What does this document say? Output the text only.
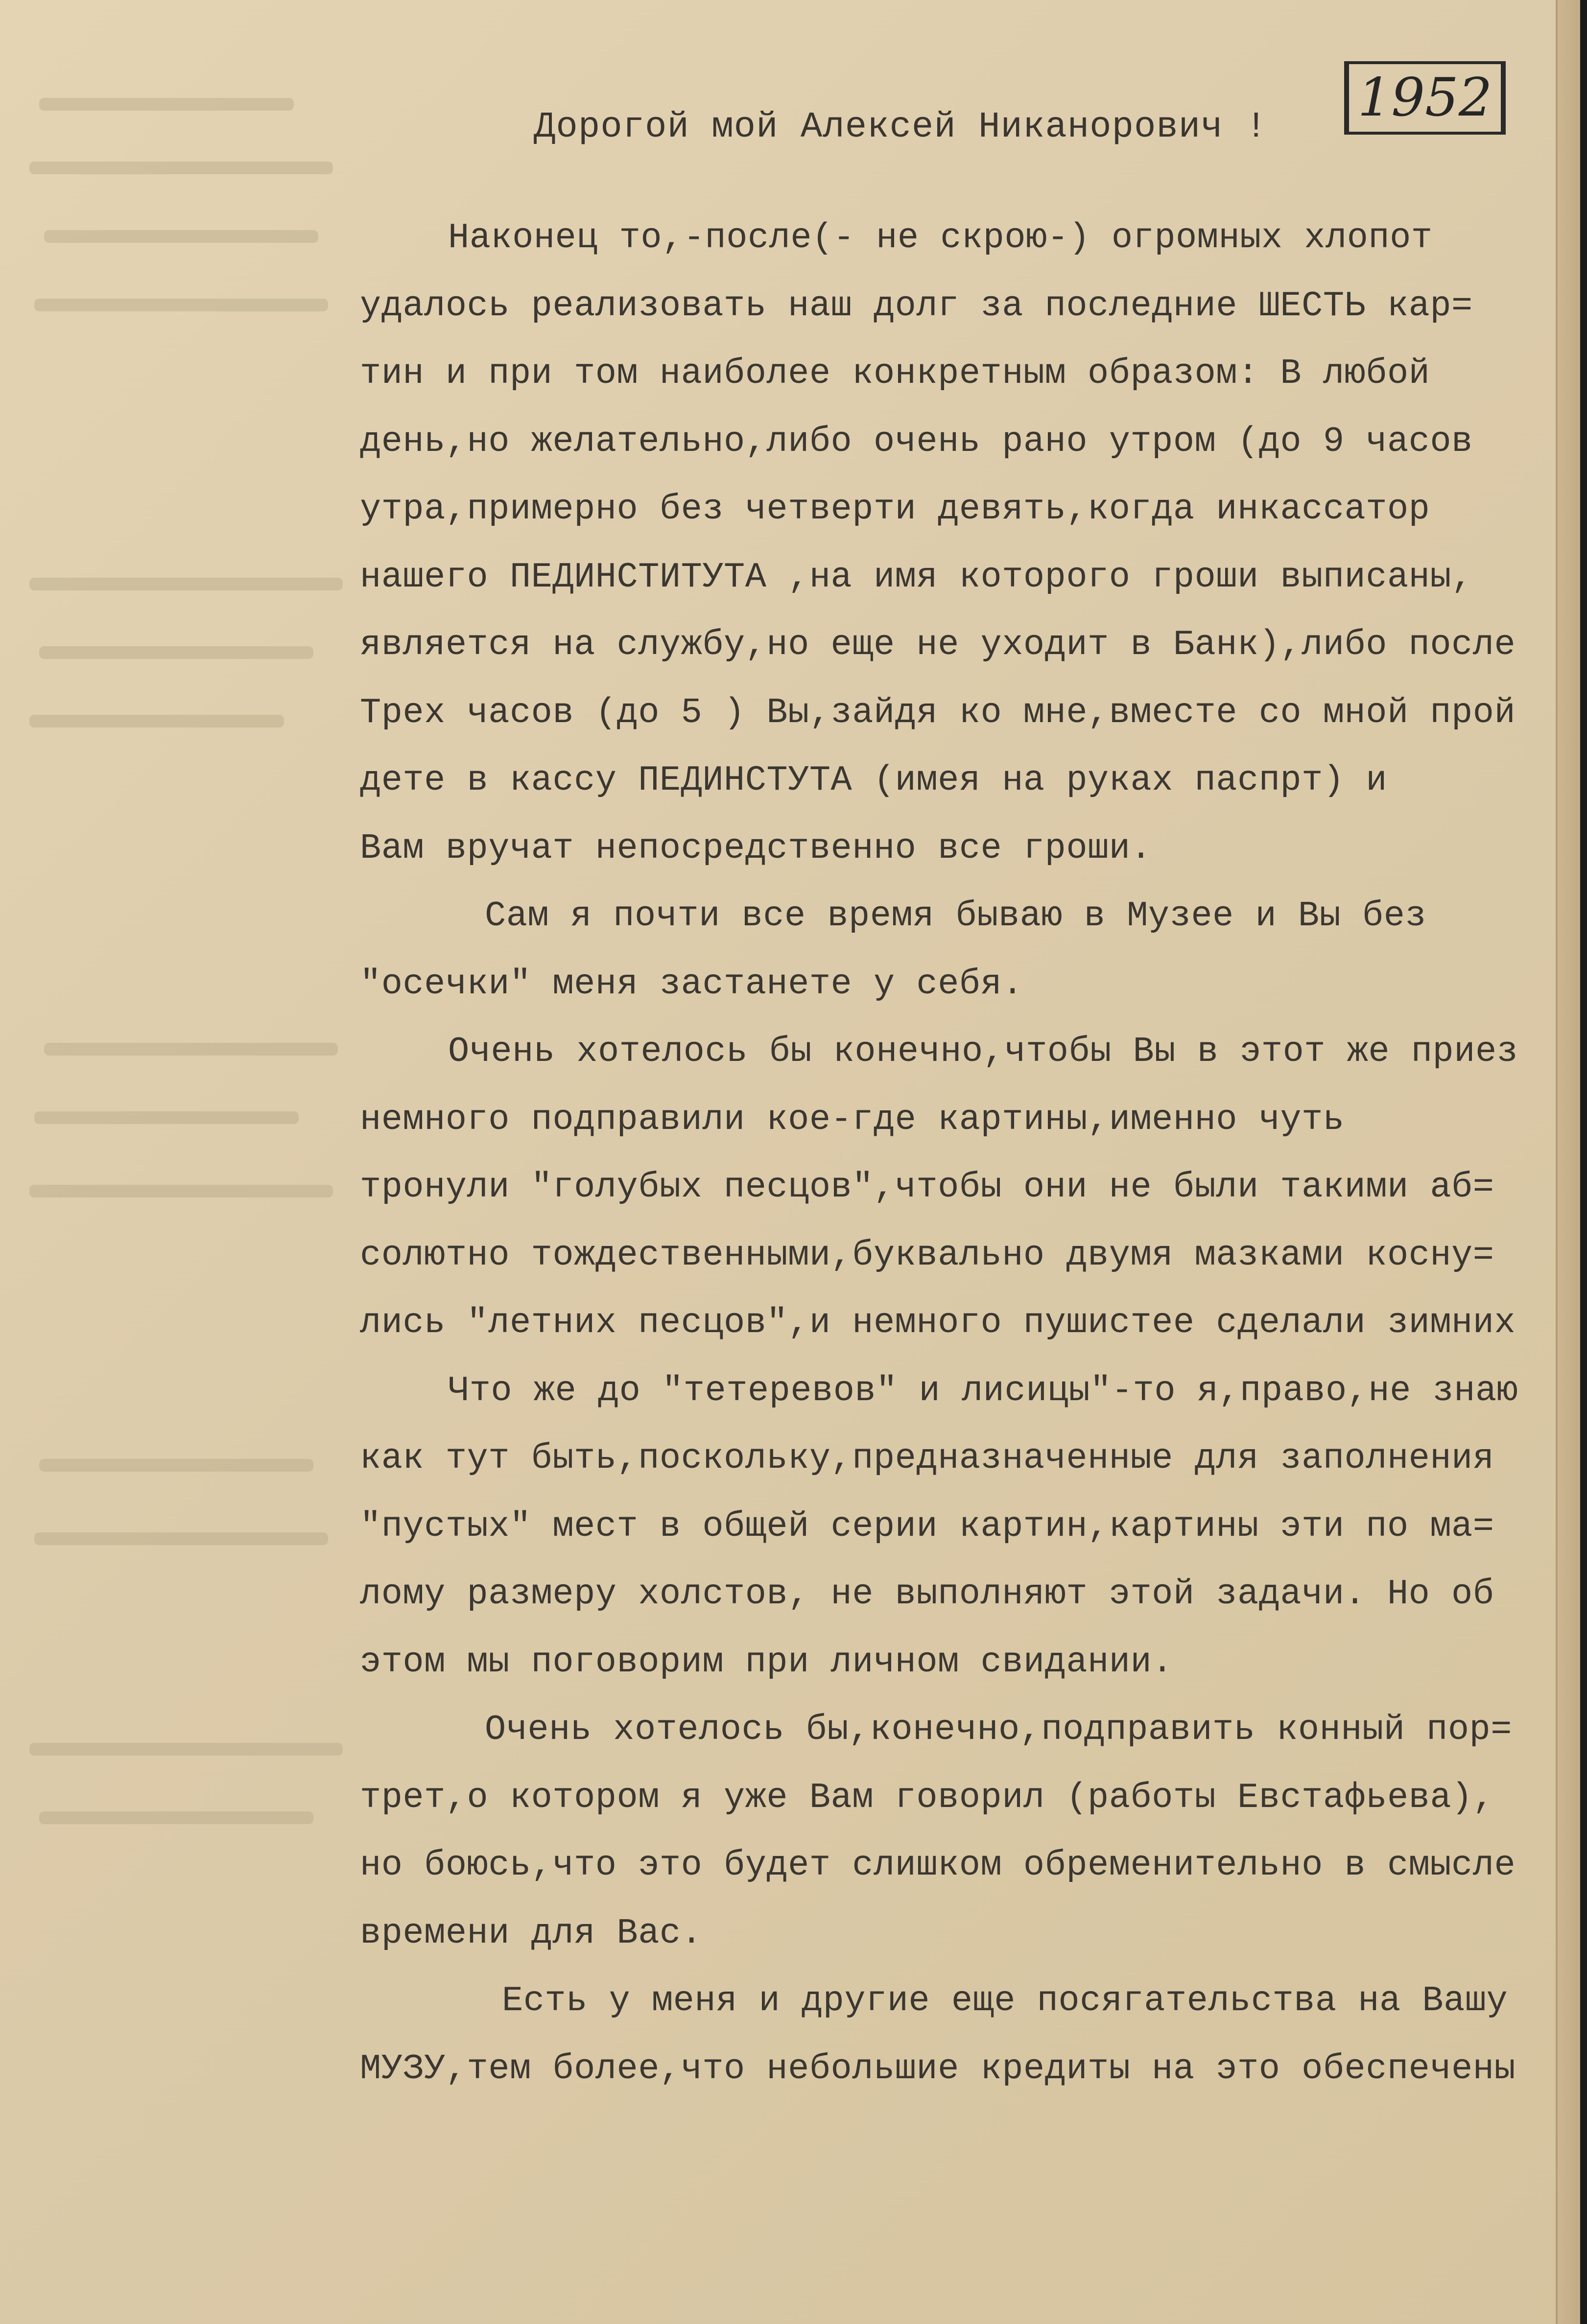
1952
Дорогой мой Алексей Никанорович !
Наконец то,-после(- не скрою-) огромных хлопот
удалось реализовать наш долг за последние ШЕСТЬ кар=
тин и при том наиболее конкретным образом: В любой
день,но желательно,либо очень рано утром (до 9 часов
утра,примерно без четверти девять,когда инкассатор
нашего ПЕДИНСТИТУТА ,на имя которого гроши выписаны,
является на службу,но еще не уходит в Банк),либо после
Трех часов (до 5 ) Вы,зайдя ко мне,вместе со мной прой
дете в кассу ПЕДИНСТУТА (имея на руках паспрт) и
Вам вручат непосредственно все гроши.
Сам я почти все время бываю в Музее и Вы без
"осечки" меня застанете у себя.
Очень хотелось бы конечно,чтобы Вы в этот же приез
немного подправили кое-где картины,именно чуть
тронули "голубых песцов",чтобы они не были такими аб=
солютно тождественными,буквально двумя мазками косну=
лись "летних песцов",и немного пушистее сделали зимних
Что же до "тетеревов" и лисицы"-то я,право,не знаю
как тут быть,поскольку,предназначенные для заполнения
"пустых" мест в общей серии картин,картины эти по ма=
лому размеру холстов, не выполняют этой задачи. Но об
этом мы поговорим при личном свидании.
Очень хотелось бы,конечно,подправить конный пор=
трет,о котором я уже Вам говорил (работы Евстафьева),
но боюсь,что это будет слишком обременительно в смысле
времени для Вас.
Есть у меня и другие еще посягательства на Вашу
МУЗУ,тем более,что небольшие кредиты на это обеспечены
